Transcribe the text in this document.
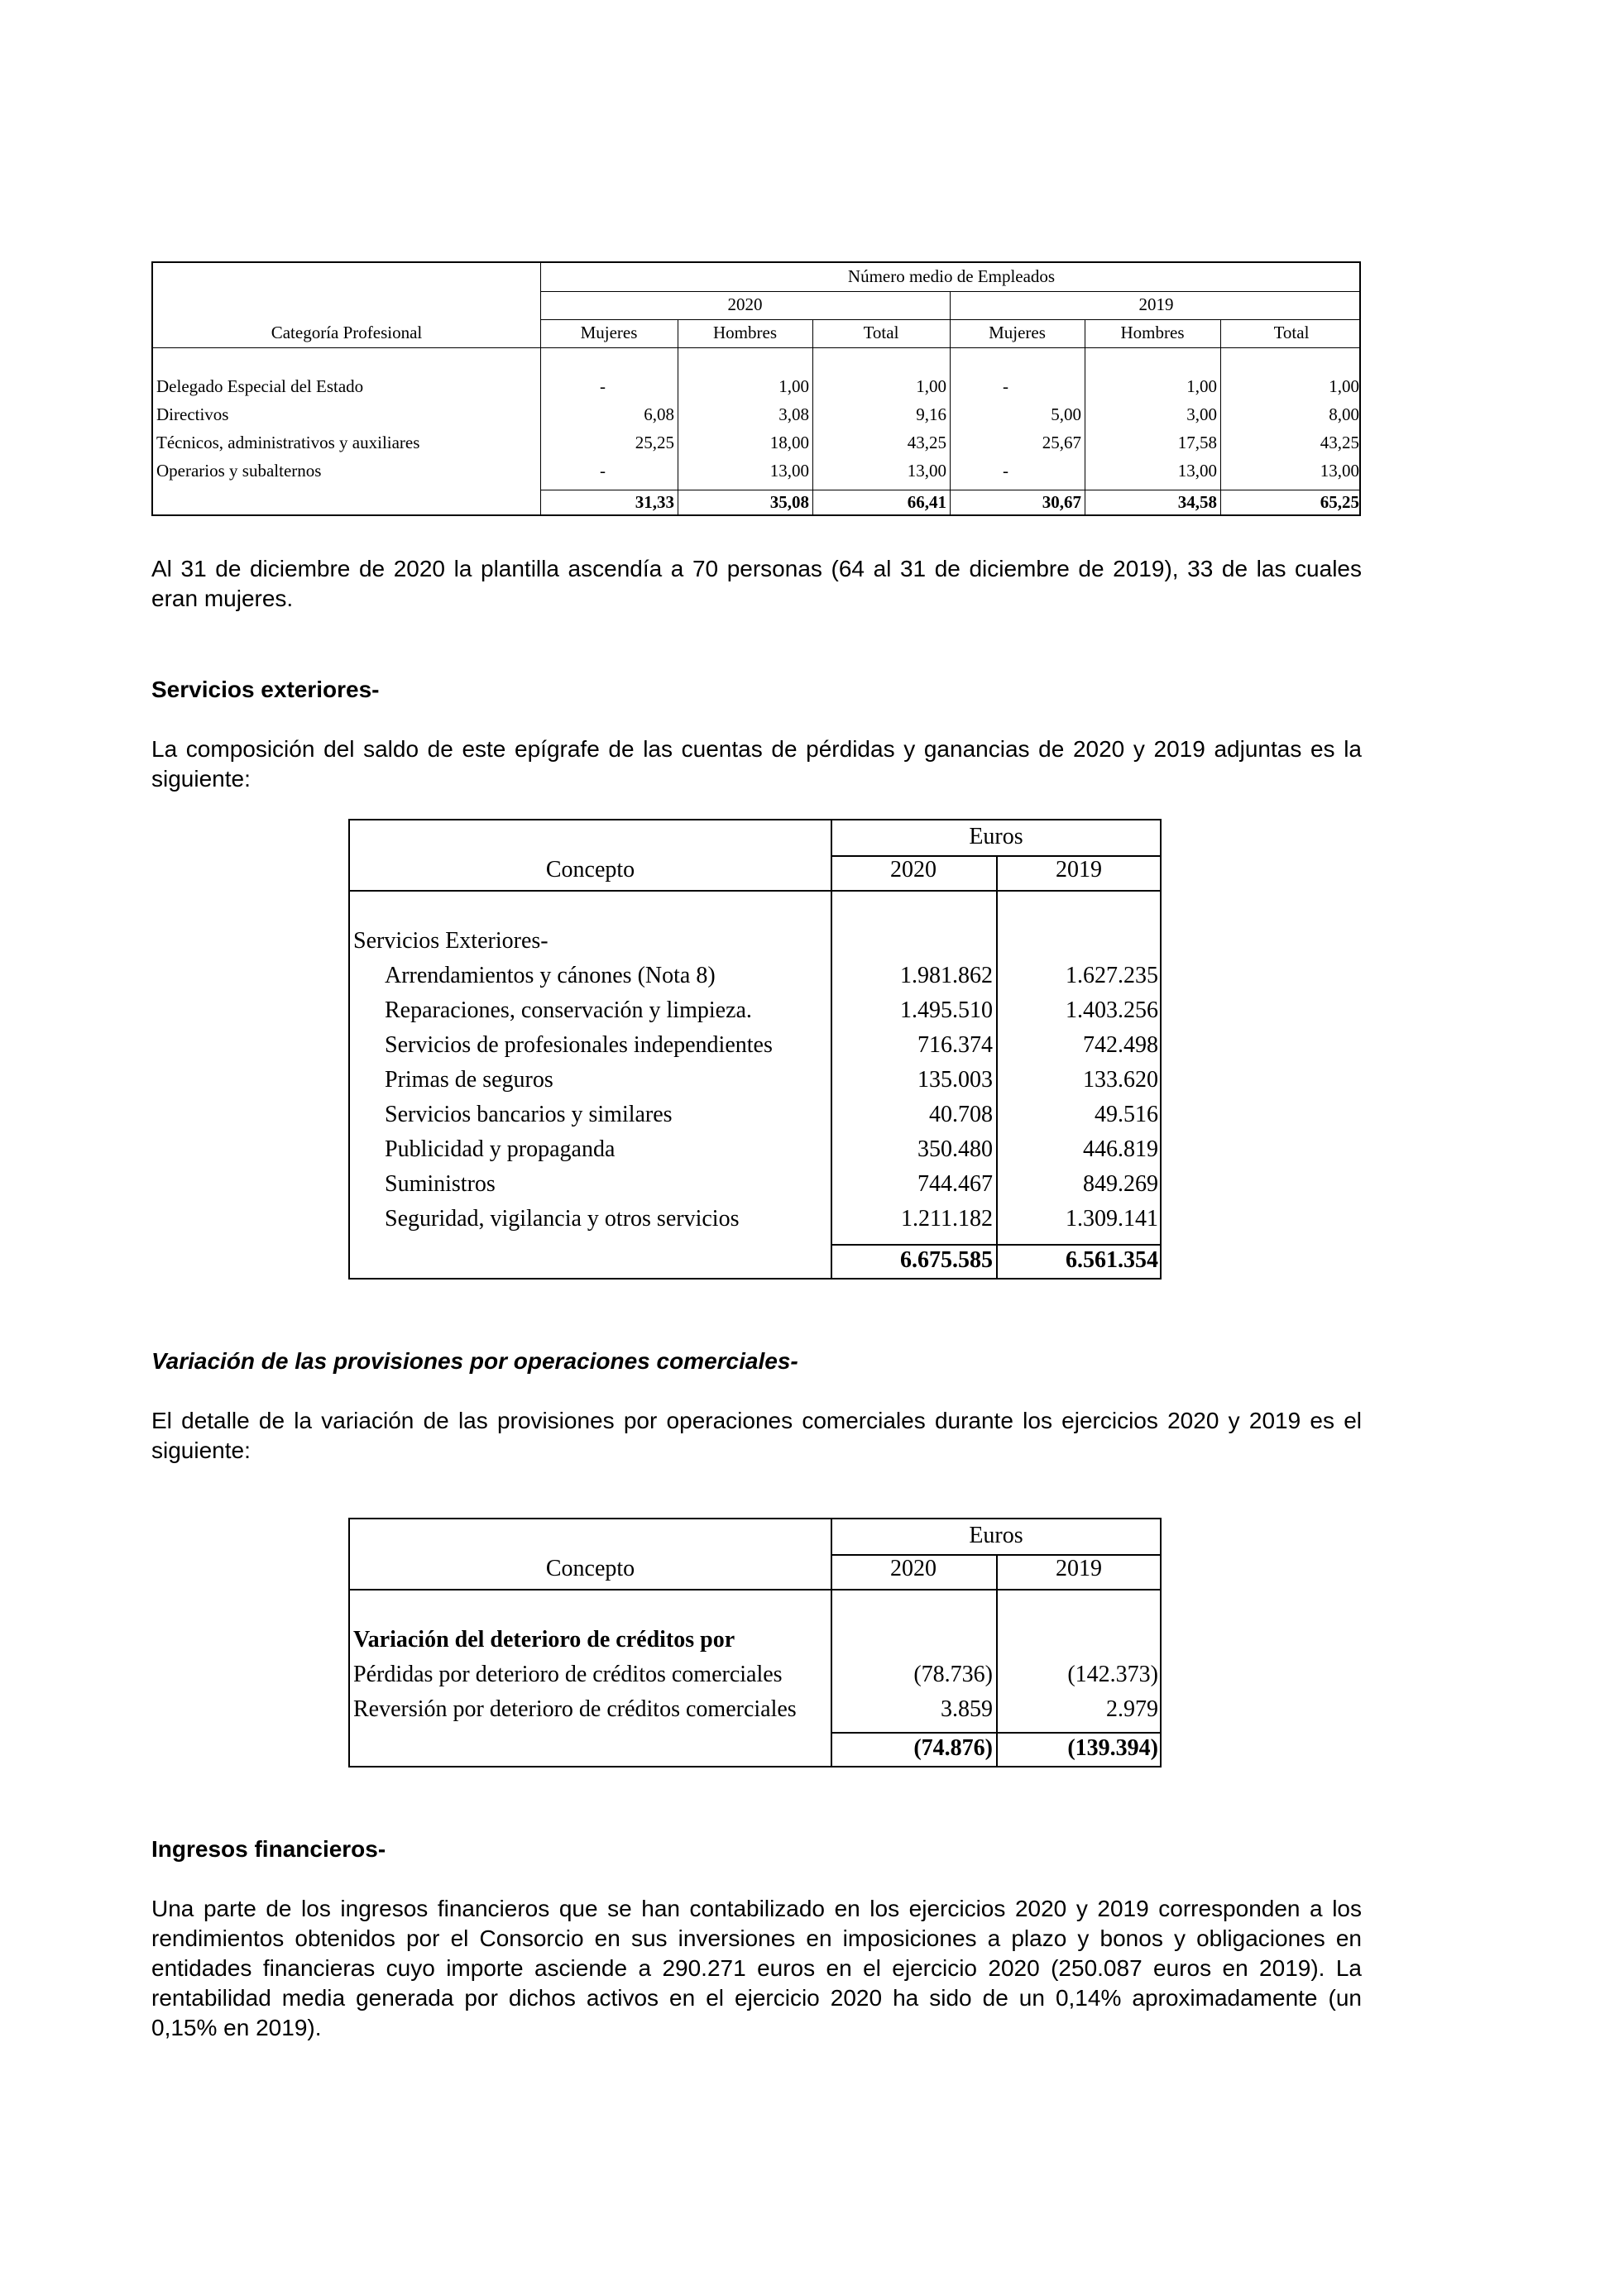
Número medio de Empleados
2020	2019
Categoría Profesional	Mujeres	Hombres	Total	Mujeres	Hombres	Total
Delegado Especial del Estado	-	1,00	1,00	-	1,00	1,00
Directivos	6,08	3,08	9,16	5,00	3,00	8,00
Técnicos, administrativos y auxiliares	25,25	18,00	43,25	25,67	17,58	43,25
Operarios y subalternos	-	13,00	13,00	-	13,00	13,00
31,33	35,08	66,41	30,67	34,58	65,25

Al 31 de diciembre de 2020 la plantilla ascendía a 70 personas (64 al 31 de diciembre de 2019), 33 de las cuales eran mujeres.

Servicios exteriores-

La composición del saldo de este epígrafe de las cuentas de pérdidas y ganancias de 2020 y 2019 adjuntas es la siguiente:

Euros
Concepto	2020	2019
Servicios Exteriores-
Arrendamientos y cánones (Nota 8)	1.981.862	1.627.235
Reparaciones, conservación y limpieza.	1.495.510	1.403.256
Servicios de profesionales independientes	716.374	742.498
Primas de seguros	135.003	133.620
Servicios bancarios y similares	40.708	49.516
Publicidad y propaganda	350.480	446.819
Suministros	744.467	849.269
Seguridad, vigilancia y otros servicios	1.211.182	1.309.141
6.675.585	6.561.354
Variación de las provisiones por operaciones comerciales-

El detalle de la variación de las provisiones por operaciones comerciales durante los ejercicios 2020 y 2019 es el siguiente:

Euros
Concepto	2020	2019
Variación del deterioro de créditos por
Pérdidas por deterioro de créditos comerciales	(78.736)	(142.373)
Reversión por deterioro de créditos comerciales	3.859	2.979
(74.876)	(139.394)
Ingresos financieros-

Una parte de los ingresos financieros que se han contabilizado en los ejercicios 2020 y 2019 corresponden a los rendimientos obtenidos por el Consorcio en sus inversiones en imposiciones a plazo y bonos y obligaciones en entidades financieras cuyo importe asciende a 290.271 euros en el ejercicio 2020 (250.087 euros en 2019). La rentabilidad media generada por dichos activos en el ejercicio 2020 ha sido de un 0,14% aproximadamente (un 0,15% en 2019).
